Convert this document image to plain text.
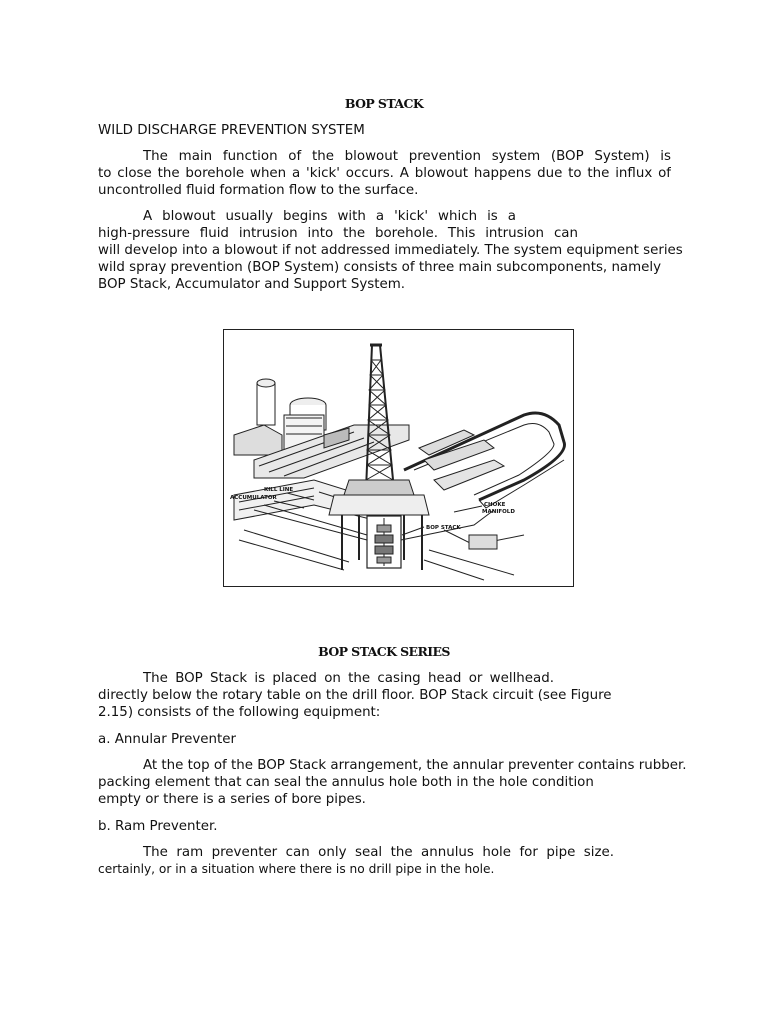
BOP STACK
WILD DISCHARGE PREVENTION SYSTEM
The main function of the blowout prevention system (BOP System) is
to close the borehole when a 'kick' occurs. A blowout happens due to the influx of
uncontrolled fluid formation flow to the surface.
A blowout usually begins with a 'kick' which is a
high-pressure fluid intrusion into the borehole. This intrusion can
will develop into a blowout if not addressed immediately. The system equipment series
wild spray prevention (BOP System) consists of three main subcomponents, namely
BOP Stack, Accumulator and Support System.
KILL LINE
ACCUMULATOR
CHOKE
MANIFOLD
BOP STACK
BOP STACK SERIES
The BOP Stack is placed on the casing head or wellhead.
directly below the rotary table on the drill floor. BOP Stack circuit (see Figure
2.15) consists of the following equipment:
a. Annular Preventer
At the top of the BOP Stack arrangement, the annular preventer contains rubber.
packing element that can seal the annulus hole both in the hole condition
empty or there is a series of bore pipes.
b. Ram Preventer.
The ram preventer can only seal the annulus hole for pipe size.
certainly, or in a situation where there is no drill pipe in the hole.
